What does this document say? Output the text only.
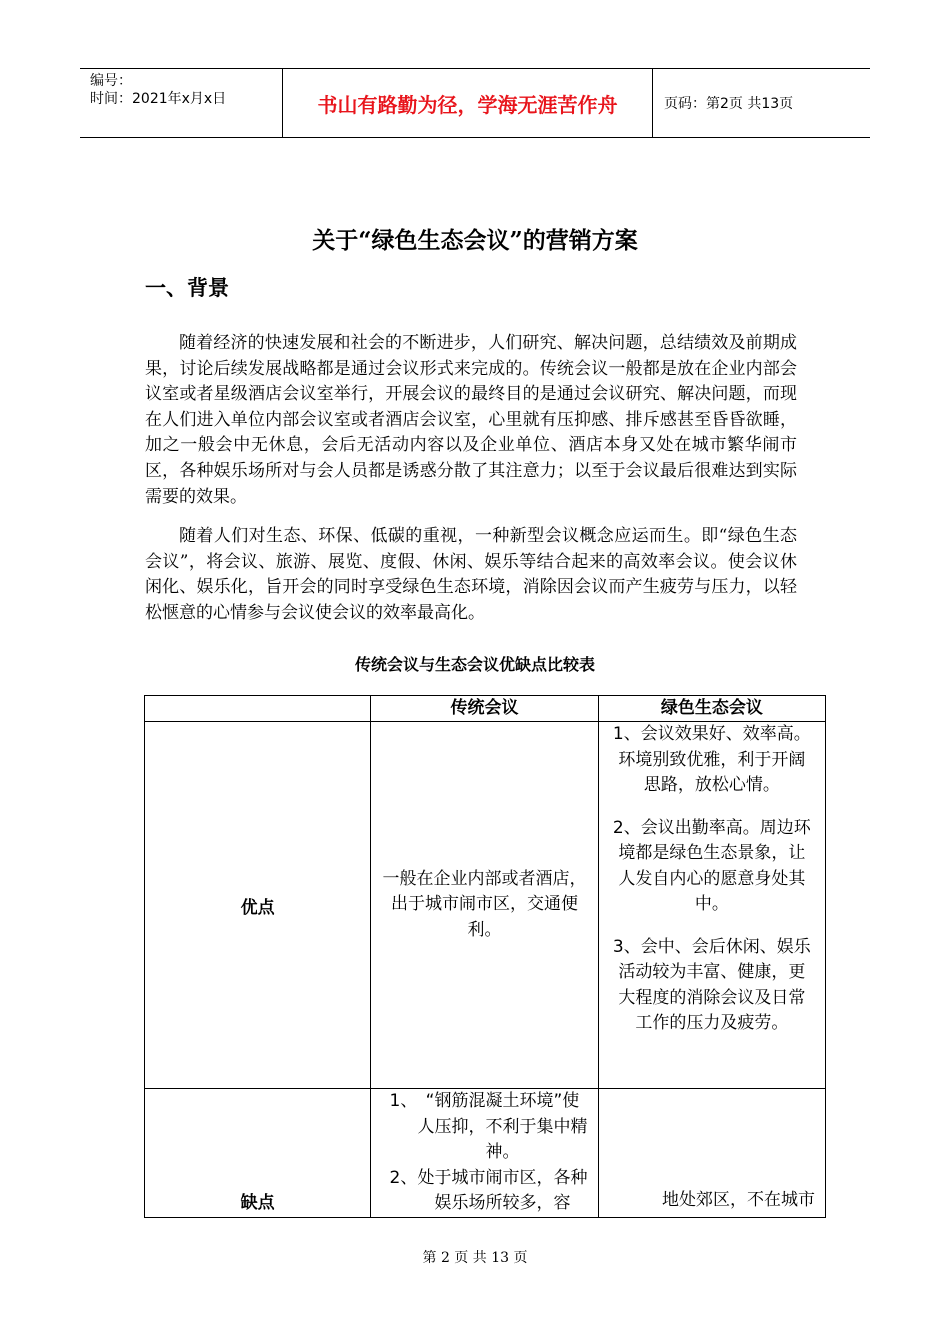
编号：
时间：2021年x月x日	书山有路勤为径，学海无涯苦作舟	页码：第2页 共13页
关于“绿色生态会议”的营销方案
一、背景

随着经济的快速发展和社会的不断进步，人们研究、解决问题，总结绩效及前期成果，讨论后续发展战略都是通过会议形式来完成的。传统会议一般都是放在企业内部会议室或者星级酒店会议室举行，开展会议的最终目的是通过会议研究、解决问题，而现在人们进入单位内部会议室或者酒店会议室，心里就有压抑感、排斥感甚至昏昏欲睡，加之一般会中无休息，会后无活动内容以及企业单位、酒店本身又处在城市繁华闹市区，各种娱乐场所对与会人员都是诱惑分散了其注意力；以至于会议最后很难达到实际需要的效果。

随着人们对生态、环保、低碳的重视，一种新型会议概念应运而生。即“绿色生态会议”，将会议、旅游、展览、度假、休闲、娱乐等结合起来的高效率会议。使会议休闲化、娱乐化，旨开会的同时享受绿色生态环境，消除因会议而产生疲劳与压力，以轻松惬意的心情参与会议使会议的效率最高化。

传统会议与生态会议优缺点比较表
	传统会议	绿色生态会议
优点	一般在企业内部或者酒店，出于城市闹市区，交通便利。	1、会议效果好、效率高。环境别致优雅，利于开阔思路，放松心情。
2、会议出勤率高。周边环境都是绿色生态景象，让人发自内心的愿意身处其中。
3、会中、会后休闲、娱乐活动较为丰富、健康，更大程度的消除会议及日常工作的压力及疲劳。

缺点	1、 “钢筋混凝土环境”使人压抑，不利于集中精神。
2、 处于城市闹市区，各种娱乐场所较多，容	地处郊区，不在城市
第 2 页 共 13 页
